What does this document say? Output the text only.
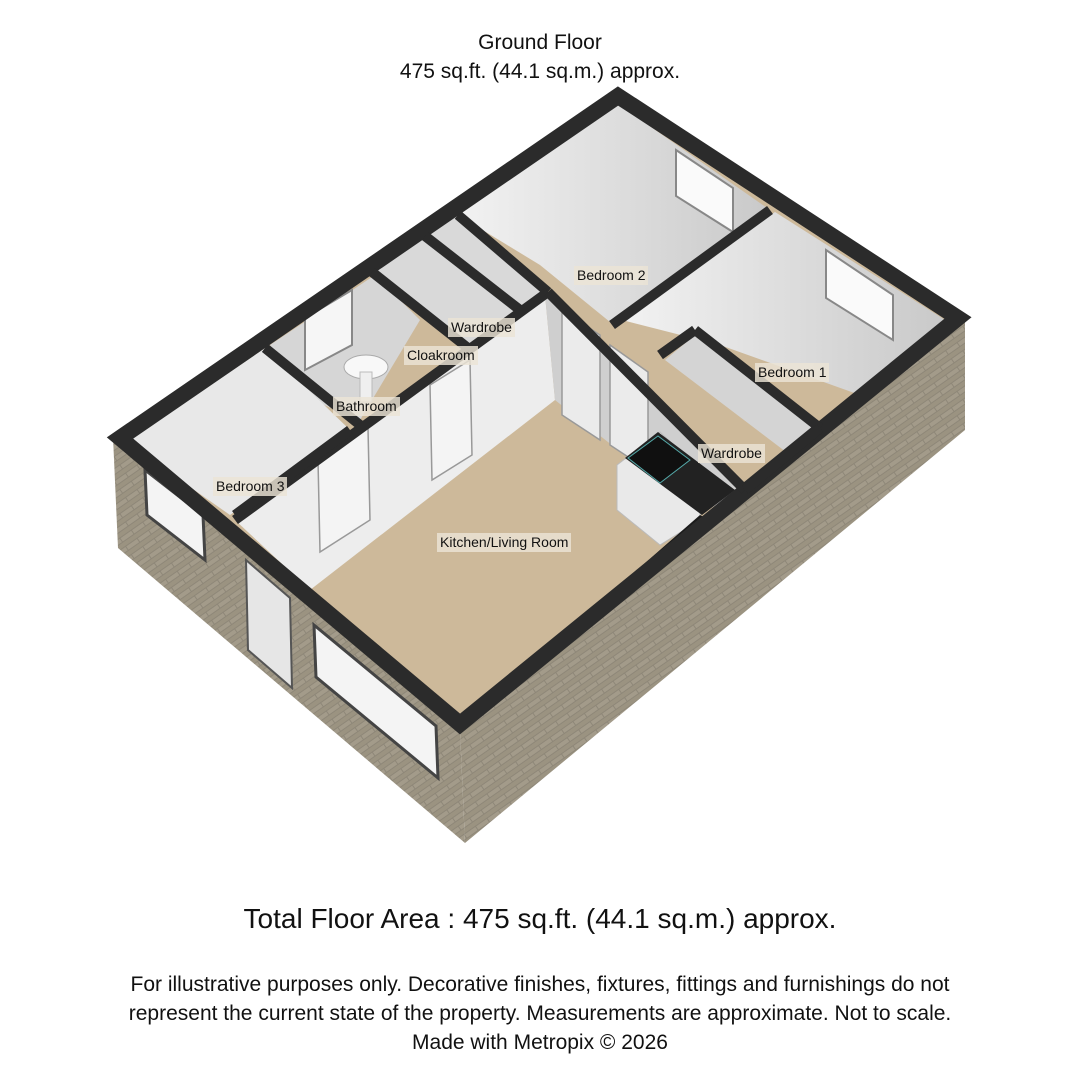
Ground Floor
475 sq.ft. (44.1 sq.m.) approx.
Bedroom 2
Wardrobe
Cloakroom
Bedroom 1
Bathroom
Wardrobe
Bedroom 3
Kitchen/Living Room
Total Floor Area : 475 sq.ft. (44.1 sq.m.) approx.
For illustrative purposes only. Decorative finishes, fixtures, fittings and furnishings do not
represent the current state of the property. Measurements are approximate. Not to scale.
Made with Metropix © 2026
